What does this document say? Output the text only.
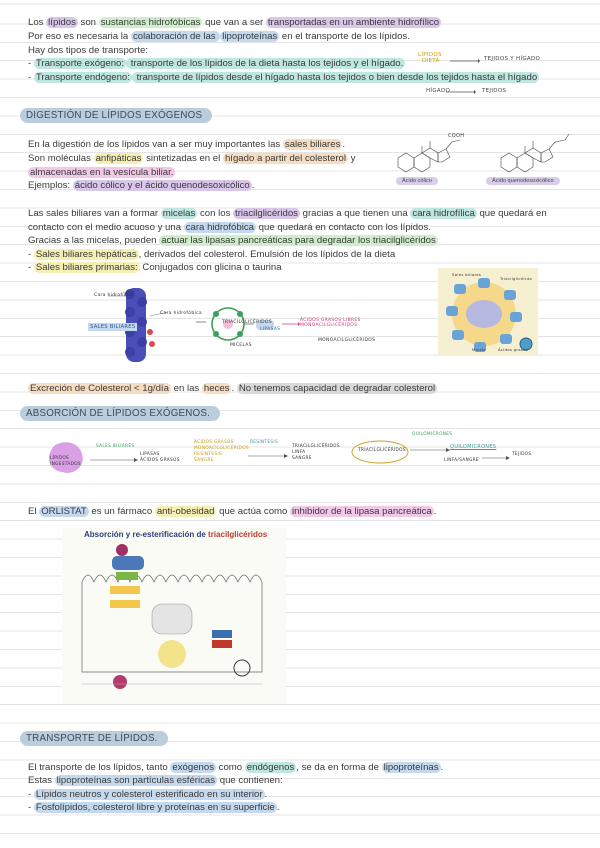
Los lípidos son sustancias hidrofóbicas que van a ser transportadas en un ambiente hidrofílico
Por eso es necesaria la colaboración de las lipoproteínas en el transporte de los lípidos.
Hay dos tipos de transporte:
- Transporte exógeno: transporte de los lípidos de la dieta hasta los tejidos y el hígado.
- Transporte endógeno: transporte de lípidos desde el hígado hasta los tejidos o bien desde los tejidos hasta el hígado
LÍPIDOS
DIETA	TEJIDOS Y HÍGADO
HÍGADO	TEJIDOS
DIGESTIÓN DE LÍPIDOS EXÓGENOS
En la digestión de los lípidos van a ser muy importantes las sales biliares .
Son moléculas anfipáticas sintetizadas en el hígado a partir del colesterol y
almacenadas en la vesícula biliar.
Ejemplos: ácido cólico y el ácido quenodesoxicólico .
COOH
Ácido cólico	Ácido quenodesoxicólico
Las sales biliares van a formar micelas con los triacilglicéridos gracias a que tienen una cara hidrofílica que quedará en
contacto con el medio acuoso y una cara hidrofóbica que quedará en contacto con los lípidos.
Gracias a las micelas, pueden actuar las lipasas pancreáticas para degradar los triacilglicéridos
- Sales biliares hepáticas , derivados del colesterol. Emulsión de los lípidos de la dieta
- Sales biliares primarias: Conjugados con glicina o taurina
Cara hidrofílica
Cara hidrofóbica
SALES BILIARES
TRIACILGLICÉRIDOS
LIPASAS
MICELAS
ÁCIDOS GRASOS LIBRES
MONOACILGLICÉRIDOS
MONOACILGLICÉRIDOS
Sales biliares
Triacilglicérido
Micela	Ácidos grasos
Excreción de Colesterol < 1g/día en las heces . No tenemos capacidad de degradar colesterol
ABSORCIÓN DE LÍPIDOS EXÓGENOS.
LÍPIDOS
INGESTADOS
SALES BILIARES
LIPASAS
ÁCIDOS GRASOS
ÁCIDOS GRASOS
MONOACILGLICÉRIDOS
RESINTESIS
SANGRE
RESINTESIS
TRIACILGLICÉRIDOS
LINFA
SANGRE
TRIACILGLICÉRIDOS
QUILOMICRONES
QUILOMICRONES
LINFA/SANGRE
TEJIDOS
El ORLISTAT es un fármaco anti-obesidad que actúa como inhibidor de la lipasa pancreática .
Absorción y re-esterificación de triacilglicéridos
TRANSPORTE DE LÍPIDOS.
El transporte de los lípidos, tanto exógenos como endógenos , se da en forma de lipoproteínas .
Estas lipoproteínas son partículas esféricas que contienen:
- Lípidos neutros y colesterol esterificado en su interior .
- Fosfolípidos, colesterol libre y proteínas en su superficie .
